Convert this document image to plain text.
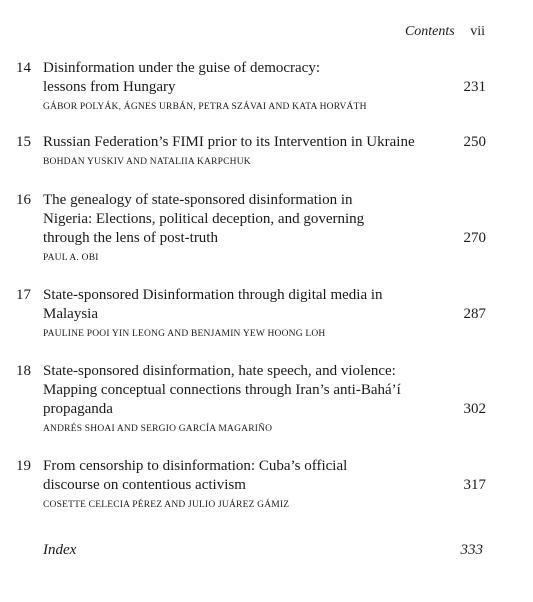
Contents vii
14 Disinformation under the guise of democracy:
lessons from Hungary
GÁBOR POLYÁK, ÁGNES URBÁN, PETRA SZÁVAI AND KATA HORVÁTH
231
15 Russian Federation’s FIMI prior to its Intervention in Ukraine
BOHDAN YUSKIV AND NATALIIA KARPCHUK
250
16 The genealogy of state-sponsored disinformation in
Nigeria: Elections, political deception, and governing
through the lens of post-truth
PAUL A. OBI
270
17 State-sponsored Disinformation through digital media in
Malaysia
PAULINE POOI YIN LEONG AND BENJAMIN YEW HOONG LOH
287
18 State-sponsored disinformation, hate speech, and violence:
Mapping conceptual connections through Iran’s anti-Bahá’í
propaganda
ANDRÉS SHOAI AND SERGIO GARCÍA MAGARIÑO
302
19 From censorship to disinformation: Cuba’s official
discourse on contentious activism
COSETTE CELECIA PÉREZ AND JULIO JUÁREZ GÁMIZ
317
Index	333
